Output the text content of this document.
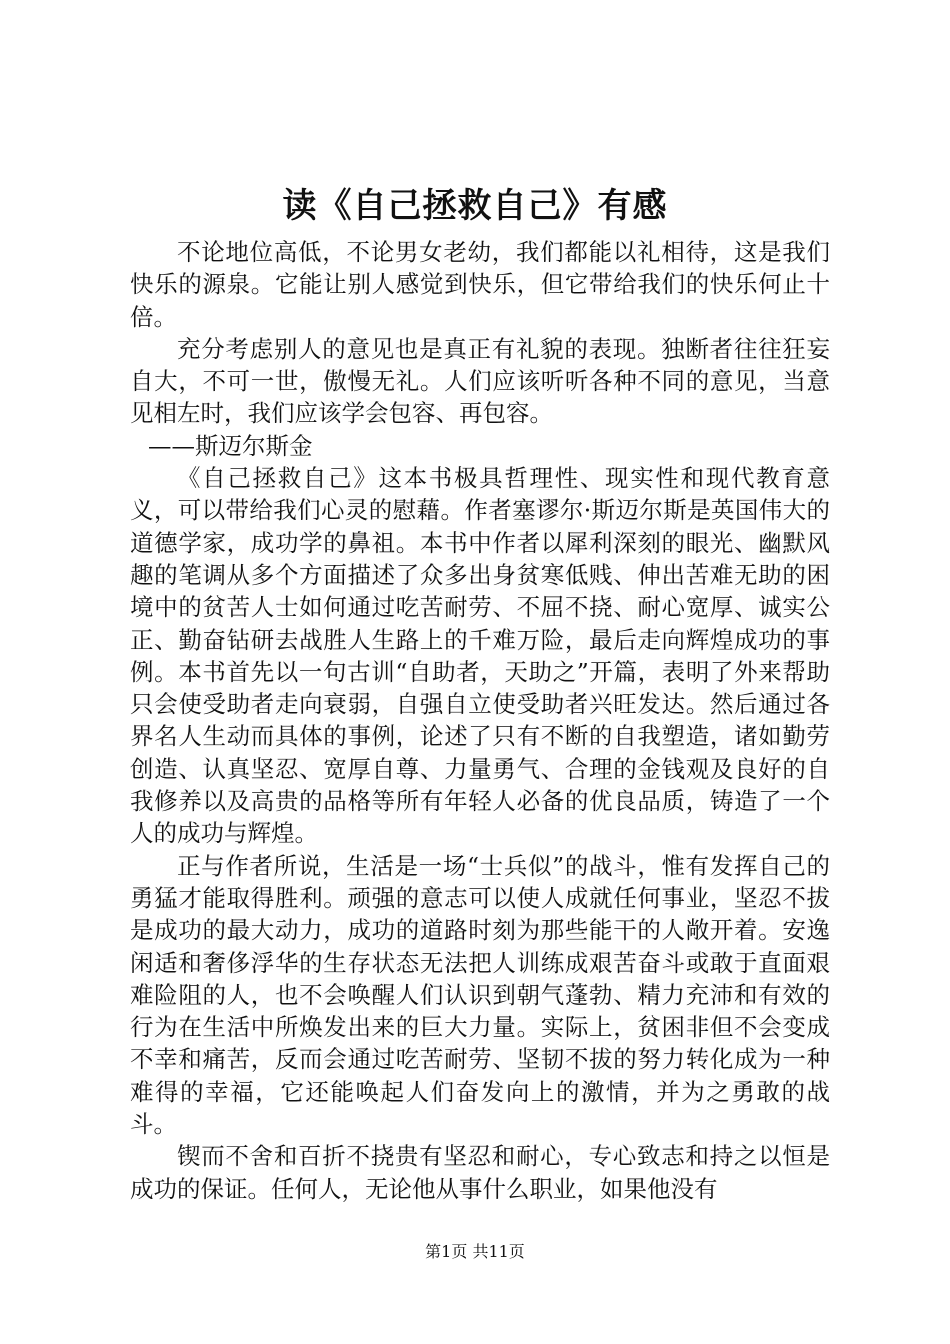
读《自己拯救自己》有感

不论地位高低，不论男女老幼，我们都能以礼相待，这是我们快乐的源泉。它能让别人感觉到快乐，但它带给我们的快乐何止十倍。

充分考虑别人的意见也是真正有礼貌的表现。独断者往往狂妄自大，不可一世，傲慢无礼。人们应该听听各种不同的意见，当意见相左时，我们应该学会包容、再包容。

——斯迈尔斯金

《自己拯救自己》这本书极具哲理性、现实性和现代教育意义，可以带给我们心灵的慰藉。作者塞谬尔·斯迈尔斯是英国伟大的道德学家，成功学的鼻祖。本书中作者以犀利深刻的眼光、幽默风趣的笔调从多个方面描述了众多出身贫寒低贱、伸出苦难无助的困境中的贫苦人士如何通过吃苦耐劳、不屈不挠、耐心宽厚、诚实公正、勤奋钻研去战胜人生路上的千难万险，最后走向辉煌成功的事例。本书首先以一句古训“自助者，天助之”开篇，表明了外来帮助只会使受助者走向衰弱，自强自立使受助者兴旺发达。然后通过各界名人生动而具体的事例，论述了只有不断的自我塑造，诸如勤劳创造、认真坚忍、宽厚自尊、力量勇气、合理的金钱观及良好的自我修养以及高贵的品格等所有年轻人必备的优良品质，铸造了一个人的成功与辉煌。

正与作者所说，生活是一场“士兵似”的战斗，惟有发挥自己的勇猛才能取得胜利。顽强的意志可以使人成就任何事业，坚忍不拔是成功的最大动力，成功的道路时刻为那些能干的人敞开着。安逸闲适和奢侈浮华的生存状态无法把人训练成艰苦奋斗或敢于直面艰难险阻的人，也不会唤醒人们认识到朝气蓬勃、精力充沛和有效的行为在生活中所焕发出来的巨大力量。实际上，贫困非但不会变成不幸和痛苦，反而会通过吃苦耐劳、坚韧不拔的努力转化成为一种难得的幸福，它还能唤起人们奋发向上的激情，并为之勇敢的战斗。

锲而不舍和百折不挠贵有坚忍和耐心，专心致志和持之以恒是成功的保证。任何人，无论他从事什么职业，如果他没有

第1页 共11页
